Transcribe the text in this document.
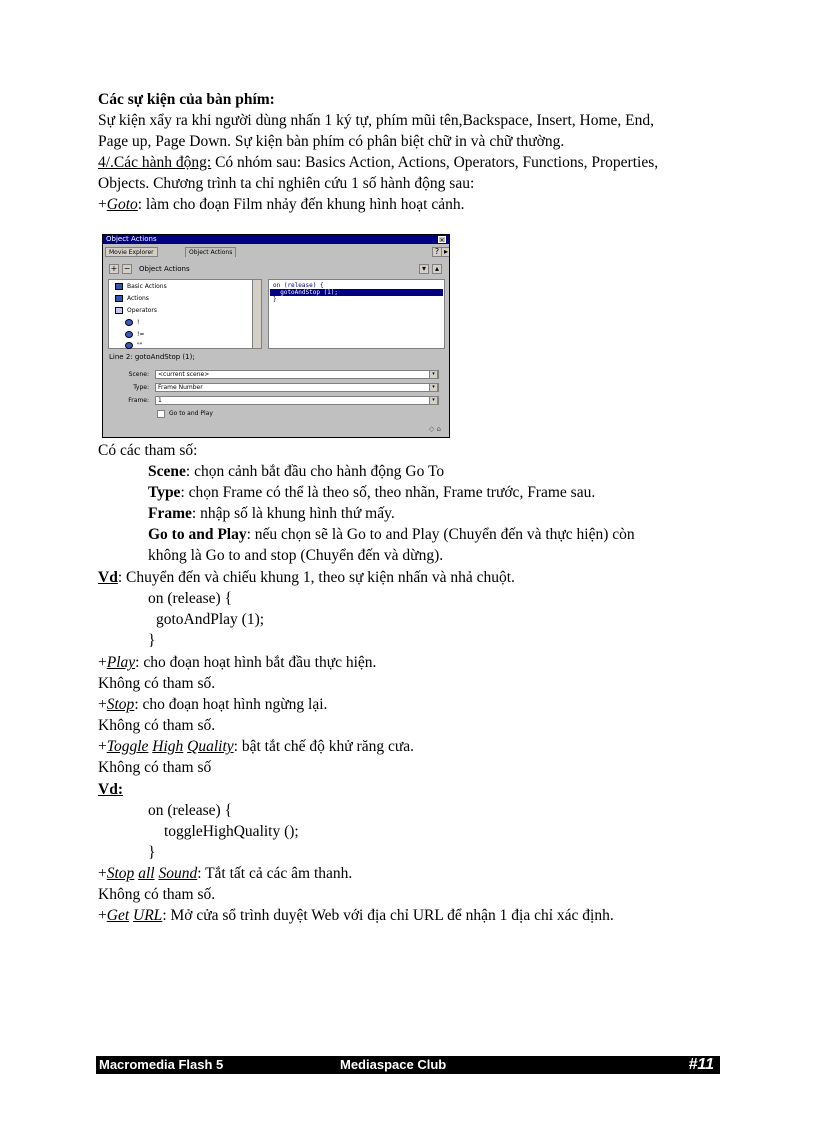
Các sự kiện của bàn phím:
Sự kiện xẩy ra khi người dùng nhấn 1 ký tự, phím mũi tên,Backspace, Insert, Home, End,
Page up, Page Down. Sự kiện bàn phím có phân biệt chữ in và chữ thường.
4/.Các hành động: Có nhóm sau: Basics Action, Actions, Operators, Functions, Properties,
Objects. Chương trình ta chỉ nghiên cứu 1 số hành động sau:
+Goto: làm cho đoạn Film nhảy đến khung hình hoạt cảnh.
Có các tham số:
Scene: chọn cảnh bắt đầu cho hành động Go To
Type: chọn Frame có thể là theo số, theo nhãn, Frame trước, Frame sau.
Frame: nhập số là khung hình thứ mấy.
Go to and Play: nếu chọn sẽ là Go to and Play (Chuyển đến và thực hiện) còn
không là Go to and stop (Chuyển đến và dừng).
Vd: Chuyển đến và chiếu khung 1, theo sự kiện nhấn và nhả chuột.
on (release) {
gotoAndPlay (1);
}
+Play: cho đoạn hoạt hình bắt đầu thực hiện.
Không có tham số.
+Stop: cho đoạn hoạt hình ngừng lại.
Không có tham số.
+Toggle High Quality: bật tắt chế độ khử răng cưa.
Không có tham số
Vd:
on (release) {
toggleHighQuality ();
}
+Stop all Sound: Tắt tất cả các âm thanh.
Không có tham số.
+Get URL: Mở cửa sổ trình duyệt Web với địa chỉ URL để nhận 1 địa chỉ xác định.
Object Actions	×
Movie Explorer	Object Actions	? ▸
+ − Object Actions	▾	▴
Basic Actions
Actions
Operators
!
!=
""
on (release) {
gotoAndStop (1);
}
Line 2: gotoAndStop (1);
Scene:	<current scene>	▾
Type:	Frame Number	▾
Frame:	1	▾
Go to and Play
◇ ⌂
Macromedia Flash 5	Mediaspace Club	#11
